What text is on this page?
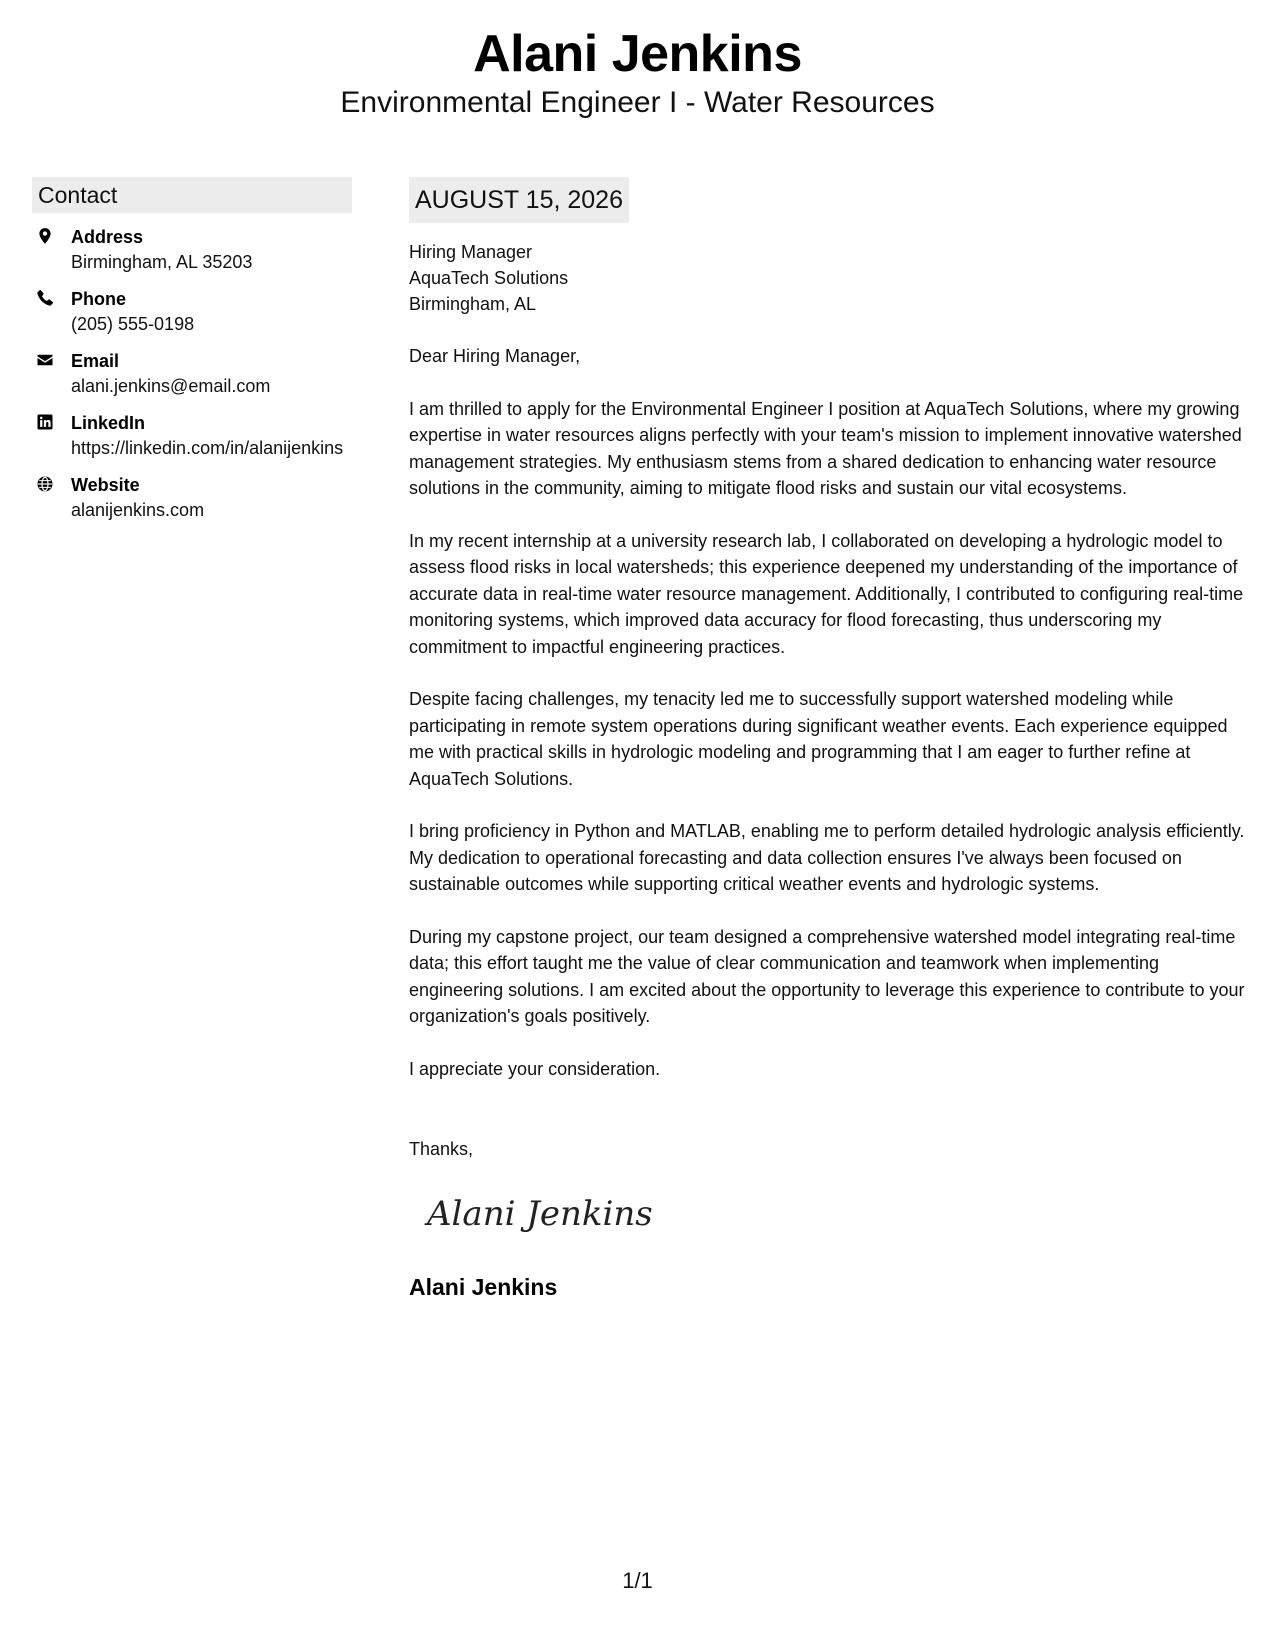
Alani Jenkins
Environmental Engineer I - Water Resources
Contact
Address
Birmingham, AL 35203
Phone
(205) 555-0198
Email
alani.jenkins@email.com
LinkedIn
https://linkedin.com/in/alanijenkins
Website
alanijenkins.com
AUGUST 15, 2026
Hiring Manager
AquaTech Solutions
Birmingham, AL
Dear Hiring Manager,
I am thrilled to apply for the Environmental Engineer I position at AquaTech Solutions, where my growing expertise in water resources aligns perfectly with your team's mission to implement innovative watershed management strategies. My enthusiasm stems from a shared dedication to enhancing water resource solutions in the community, aiming to mitigate flood risks and sustain our vital ecosystems.
In my recent internship at a university research lab, I collaborated on developing a hydrologic model to assess flood risks in local watersheds; this experience deepened my understanding of the importance of accurate data in real-time water resource management. Additionally, I contributed to configuring real-time monitoring systems, which improved data accuracy for flood forecasting, thus underscoring my commitment to impactful engineering practices.
Despite facing challenges, my tenacity led me to successfully support watershed modeling while participating in remote system operations during significant weather events. Each experience equipped me with practical skills in hydrologic modeling and programming that I am eager to further refine at AquaTech Solutions.
I bring proficiency in Python and MATLAB, enabling me to perform detailed hydrologic analysis efficiently. My dedication to operational forecasting and data collection ensures I've always been focused on sustainable outcomes while supporting critical weather events and hydrologic systems.
During my capstone project, our team designed a comprehensive watershed model integrating real-time data; this effort taught me the value of clear communication and teamwork when implementing engineering solutions. I am excited about the opportunity to leverage this experience to contribute to your organization's goals positively.
I appreciate your consideration.
Thanks,
Alani Jenkins
Alani Jenkins
1/1
